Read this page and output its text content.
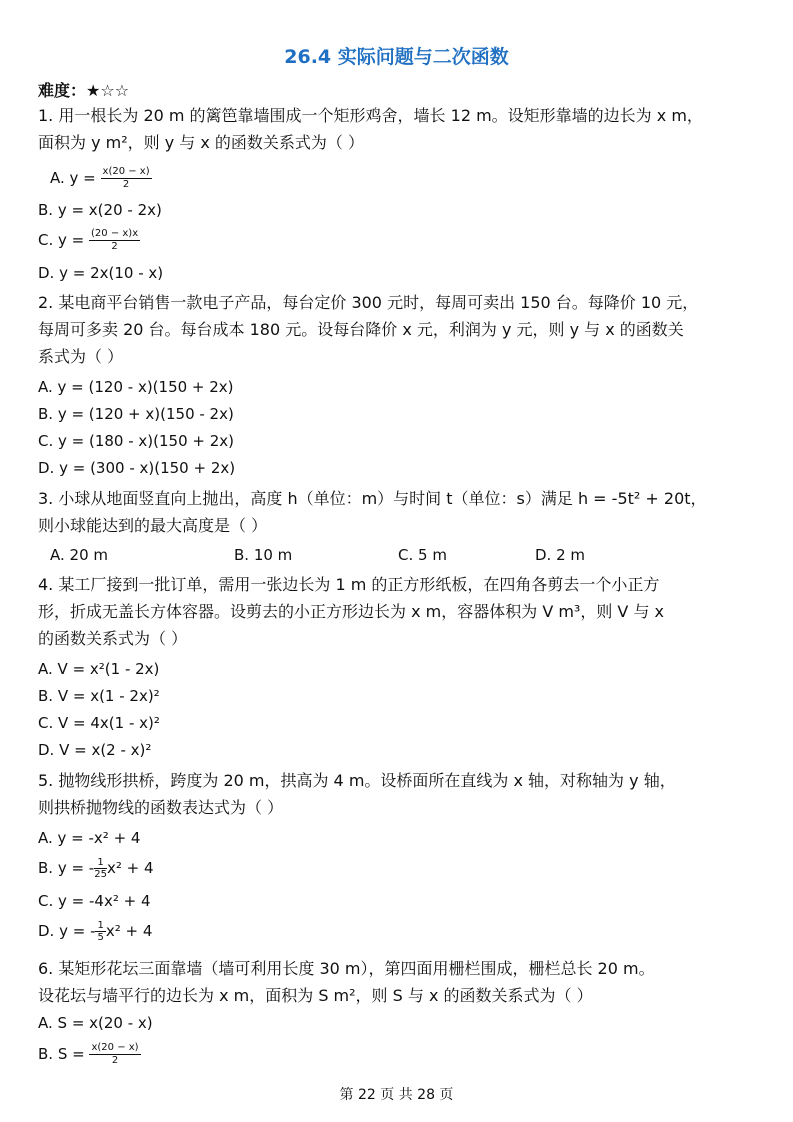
26.4 实际问题与二次函数
难度：★☆☆
1. 用一根长为 20 m 的篱笆靠墙围成一个矩形鸡舍，墙长 12 m。设矩形靠墙的边长为 x m，
面积为 y m²，则 y 与 x 的函数关系式为（ ）
A. $y = \frac{x(20 - x)}{2}$
B. y = x(20 - 2x)
C. $y = \frac{(20 - x)x}{2}$
D. y = 2x(10 - x)
2. 某电商平台销售一款电子产品，每台定价 300 元时，每周可卖出 150 台。每降价 10 元，
每周可多卖 20 台。每台成本 180 元。设每台降价 x 元，利润为 y 元，则 y 与 x 的函数关
系式为（ ）
A. y = (120 - x)(150 + 2x)
B. y = (120 + x)(150 - 2x)
C. y = (180 - x)(150 + 2x)
D. y = (300 - x)(150 + 2x)
3. 小球从地面竖直向上抛出，高度 h（单位：m）与时间 t（单位：s）满足 h = -5t² + 20t，
则小球能达到的最大高度是（ ）
A. 20 m	B. 10 m	C. 5 m	D. 2 m
4. 某工厂接到一批订单，需用一张边长为 1 m 的正方形纸板，在四角各剪去一个小正方
形，折成无盖长方体容器。设剪去的小正方形边长为 x m，容器体积为 V m³，则 V 与 x
的函数关系式为（ ）
A. V = x²(1 - 2x)
B. V = x(1 - 2x)²
C. V = 4x(1 - x)²
D. V = x(2 - x)²
5. 抛物线形拱桥，跨度为 20 m，拱高为 4 m。设桥面所在直线为 x 轴，对称轴为 y 轴，
则拱桥抛物线的函数表达式为（ ）
A. y = -x² + 4
B. y = - $\frac{1}{25} x^2 + 4$
C. y = -4x² + 4
D. y = - $\frac{1}{5} x^2 + 4$
6. 某矩形花坛三面靠墙（墙可利用长度 30 m），第四面用栅栏围成，栅栏总长 20 m。
设花坛与墙平行的边长为 x m，面积为 S m²，则 S 与 x 的函数关系式为（ ）
A. S = x(20 - x)
B. $S = \frac{x(20 - x)}{2}$
第 22 页 共 28 页
